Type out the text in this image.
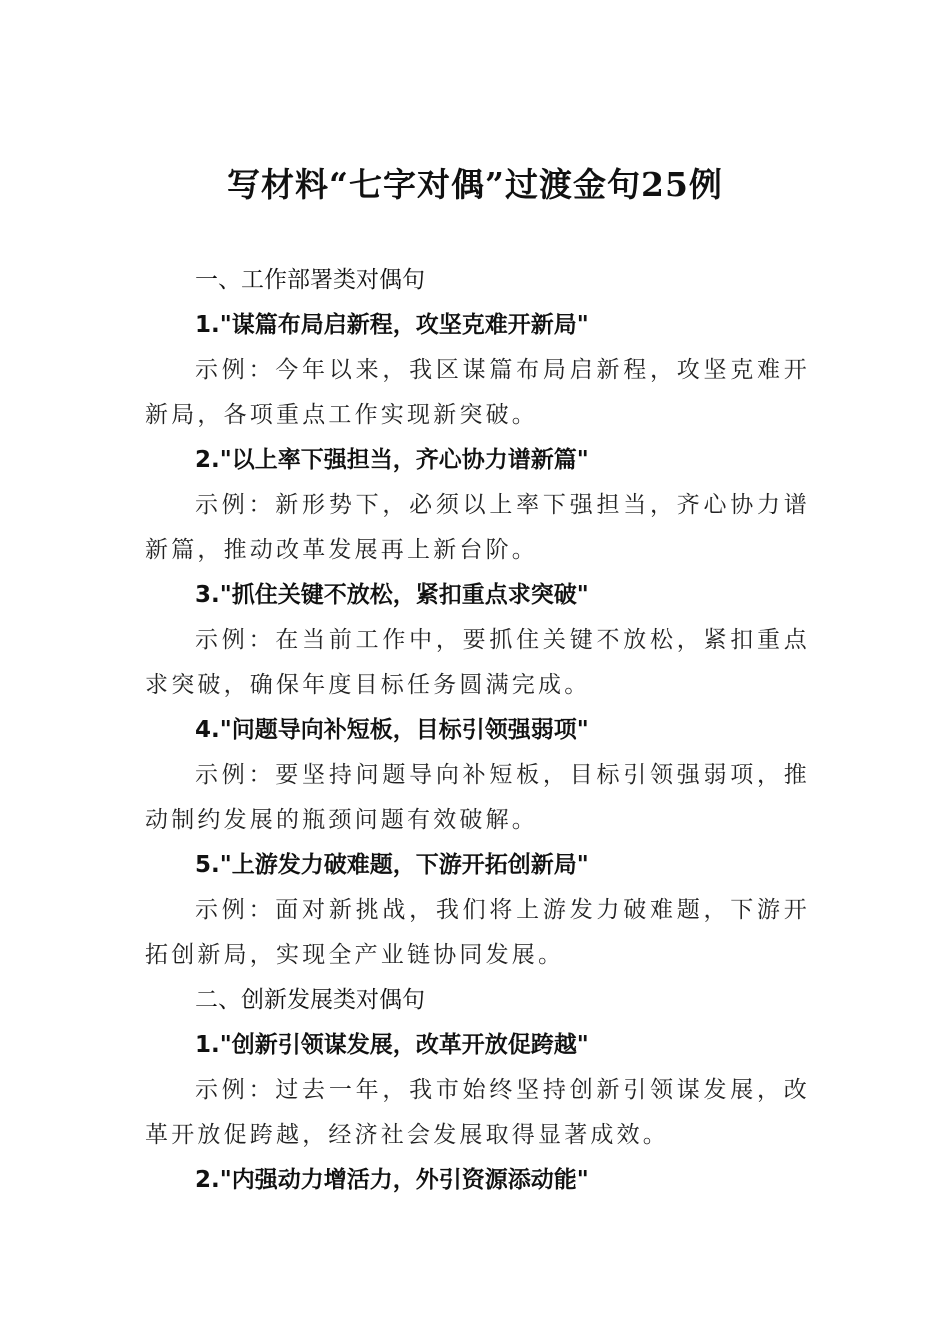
写材料“七字对偶”过渡金句25例
一、工作部署类对偶句
1."谋篇布局启新程，攻坚克难开新局"
示例：今年以来，我区谋篇布局启新程，攻坚克难开新局，各项重点工作实现新突破。
2."以上率下强担当，齐心协力谱新篇"
示例：新形势下，必须以上率下强担当，齐心协力谱新篇，推动改革发展再上新台阶。
3."抓住关键不放松，紧扣重点求突破"
示例：在当前工作中，要抓住关键不放松，紧扣重点求突破，确保年度目标任务圆满完成。
4."问题导向补短板，目标引领强弱项"
示例：要坚持问题导向补短板，目标引领强弱项，推动制约发展的瓶颈问题有效破解。
5."上游发力破难题，下游开拓创新局"
示例：面对新挑战，我们将上游发力破难题，下游开拓创新局，实现全产业链协同发展。
二、创新发展类对偶句
1."创新引领谋发展，改革开放促跨越"
示例：过去一年，我市始终坚持创新引领谋发展，改革开放促跨越，经济社会发展取得显著成效。
2."内强动力增活力，外引资源添动能"
